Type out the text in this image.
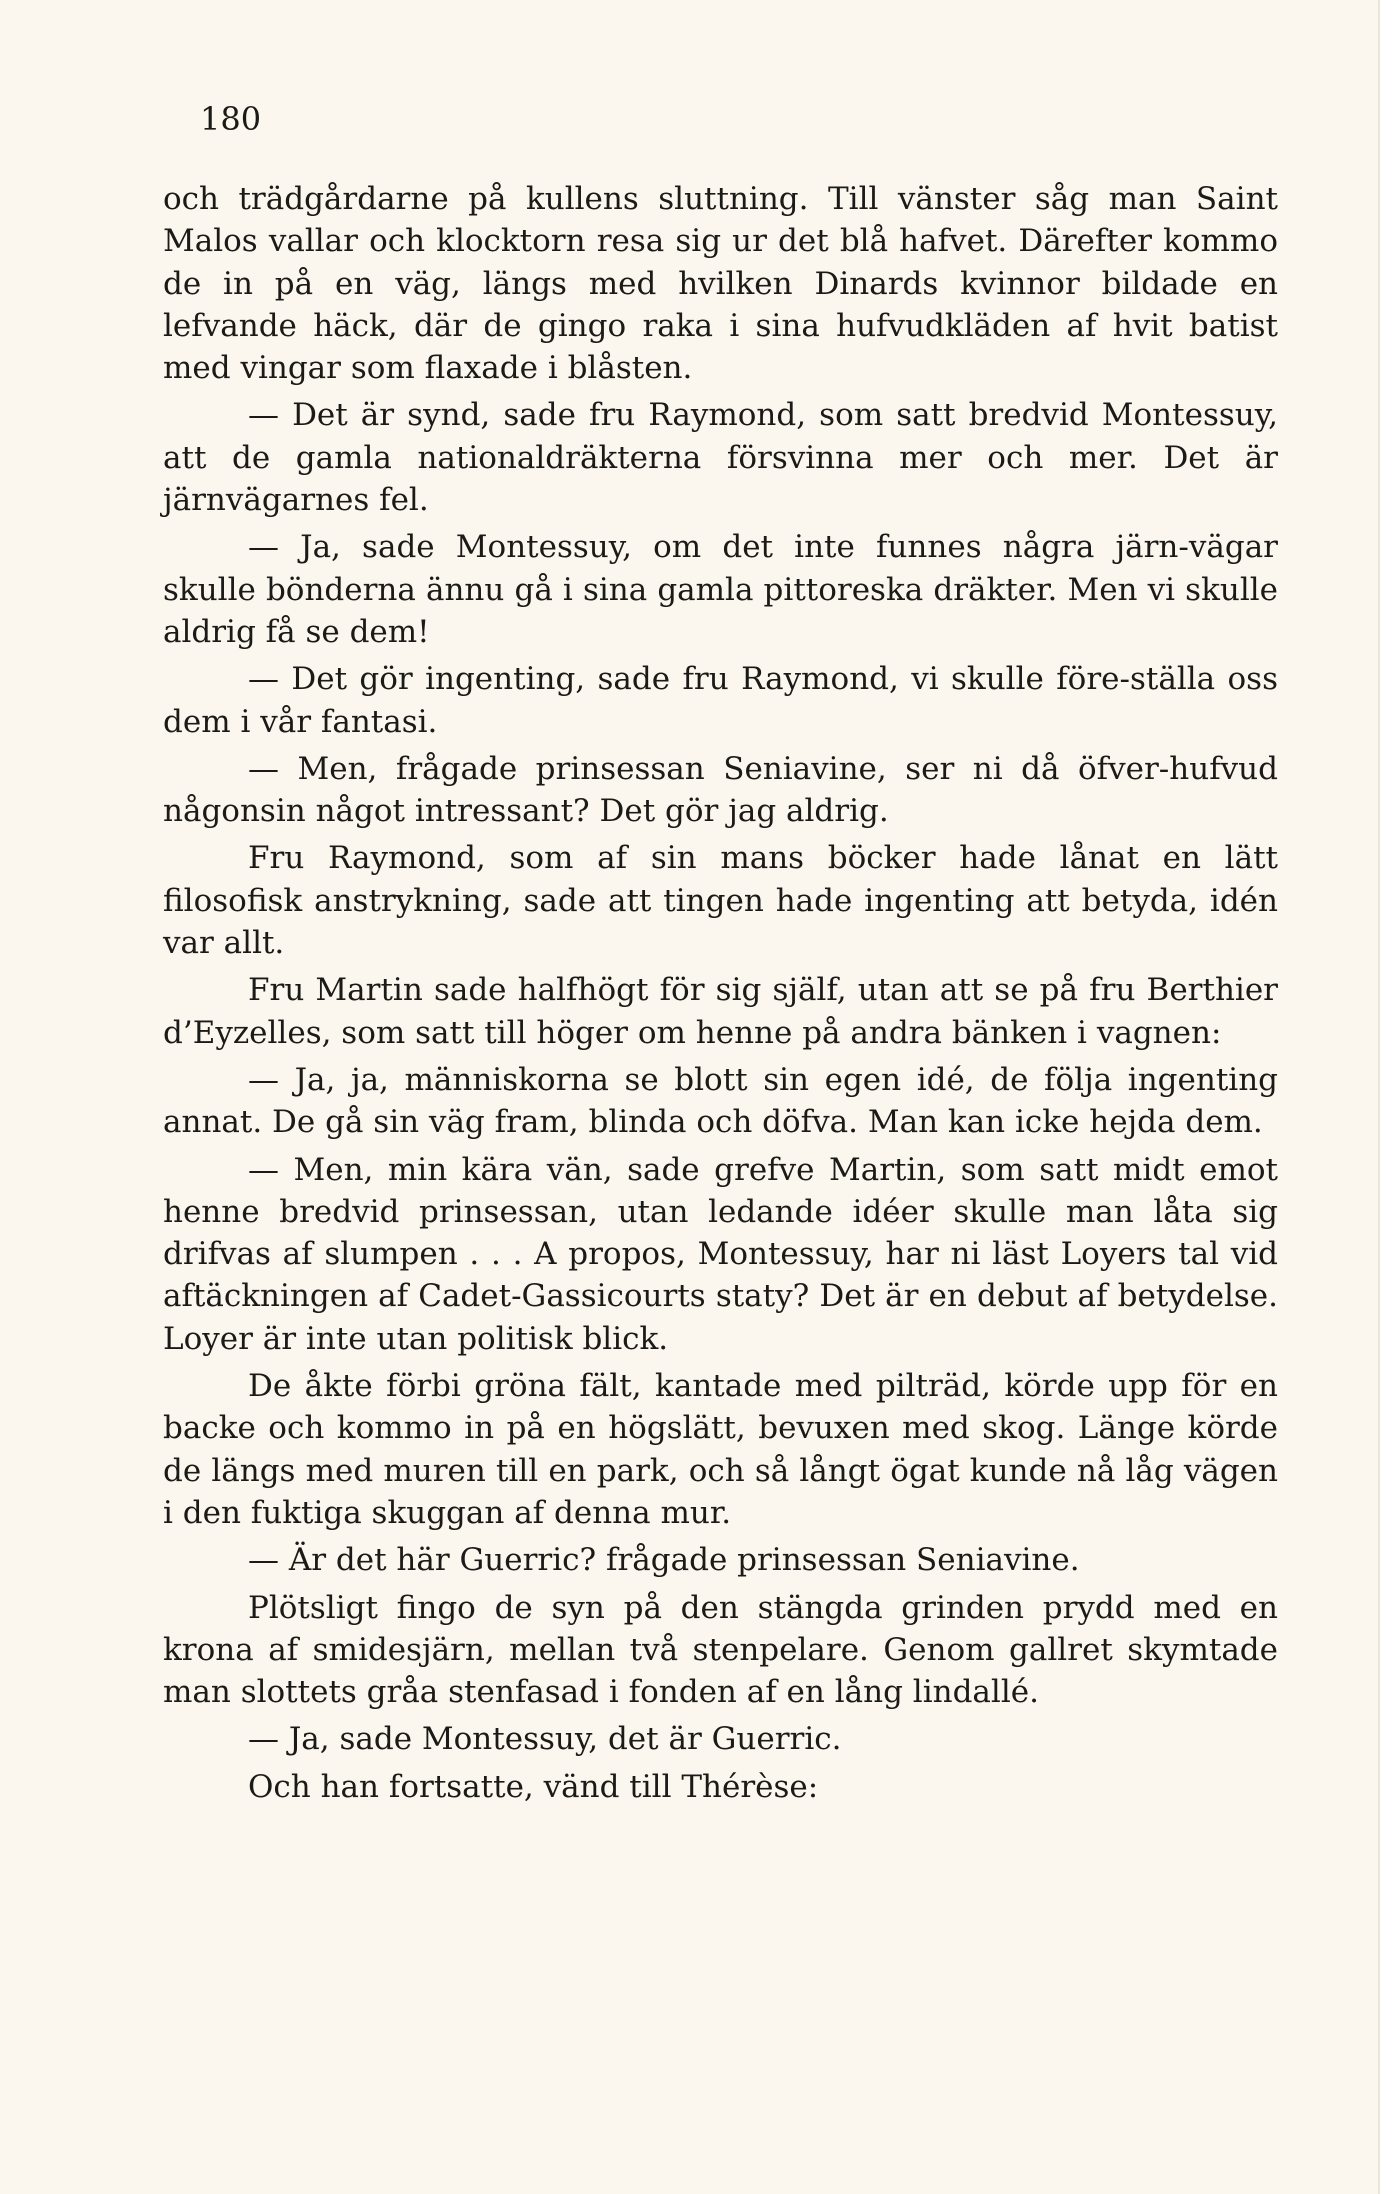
180

och trädgårdarne på kullens sluttning. Till vänster såg man Saint Malos vallar och klocktorn resa sig ur det blå hafvet. Därefter kommo de in på en väg, längs med hvilken Dinards kvinnor bildade en lefvande häck, där de gingo raka i sina hufvudkläden af hvit batist med vingar som flaxade i blåsten.

— Det är synd, sade fru Raymond, som satt bredvid Montessuy, att de gamla nationaldräkterna försvinna mer och mer. Det är järnvägarnes fel.

— Ja, sade Montessuy, om det inte funnes några järn-vägar skulle bönderna ännu gå i sina gamla pittoreska dräkter. Men vi skulle aldrig få se dem!

— Det gör ingenting, sade fru Raymond, vi skulle före-ställa oss dem i vår fantasi.

— Men, frågade prinsessan Seniavine, ser ni då öfver-hufvud någonsin något intressant? Det gör jag aldrig.

Fru Raymond, som af sin mans böcker hade lånat en lätt filosofisk anstrykning, sade att tingen hade ingenting att betyda, idén var allt.

Fru Martin sade halfhögt för sig själf, utan att se på fru Berthier d’Eyzelles, som satt till höger om henne på andra bänken i vagnen:

— Ja, ja, människorna se blott sin egen idé, de följa ingenting annat. De gå sin väg fram, blinda och döfva. Man kan icke hejda dem.

— Men, min kära vän, sade grefve Martin, som satt midt emot henne bredvid prinsessan, utan ledande idéer skulle man låta sig drifvas af slumpen . . . A propos, Montessuy, har ni läst Loyers tal vid aftäckningen af Cadet-Gassicourts staty? Det är en debut af betydelse. Loyer är inte utan politisk blick.

De åkte förbi gröna fält, kantade med pilträd, körde upp för en backe och kommo in på en högslätt, bevuxen med skog. Länge körde de längs med muren till en park, och så långt ögat kunde nå låg vägen i den fuktiga skuggan af denna mur.

— Är det här Guerric? frågade prinsessan Seniavine.

Plötsligt fingo de syn på den stängda grinden prydd med en krona af smidesjärn, mellan två stenpelare. Genom gallret skymtade man slottets gråa stenfasad i fonden af en lång lindallé.

— Ja, sade Montessuy, det är Guerric.

Och han fortsatte, vänd till Thérèse:
